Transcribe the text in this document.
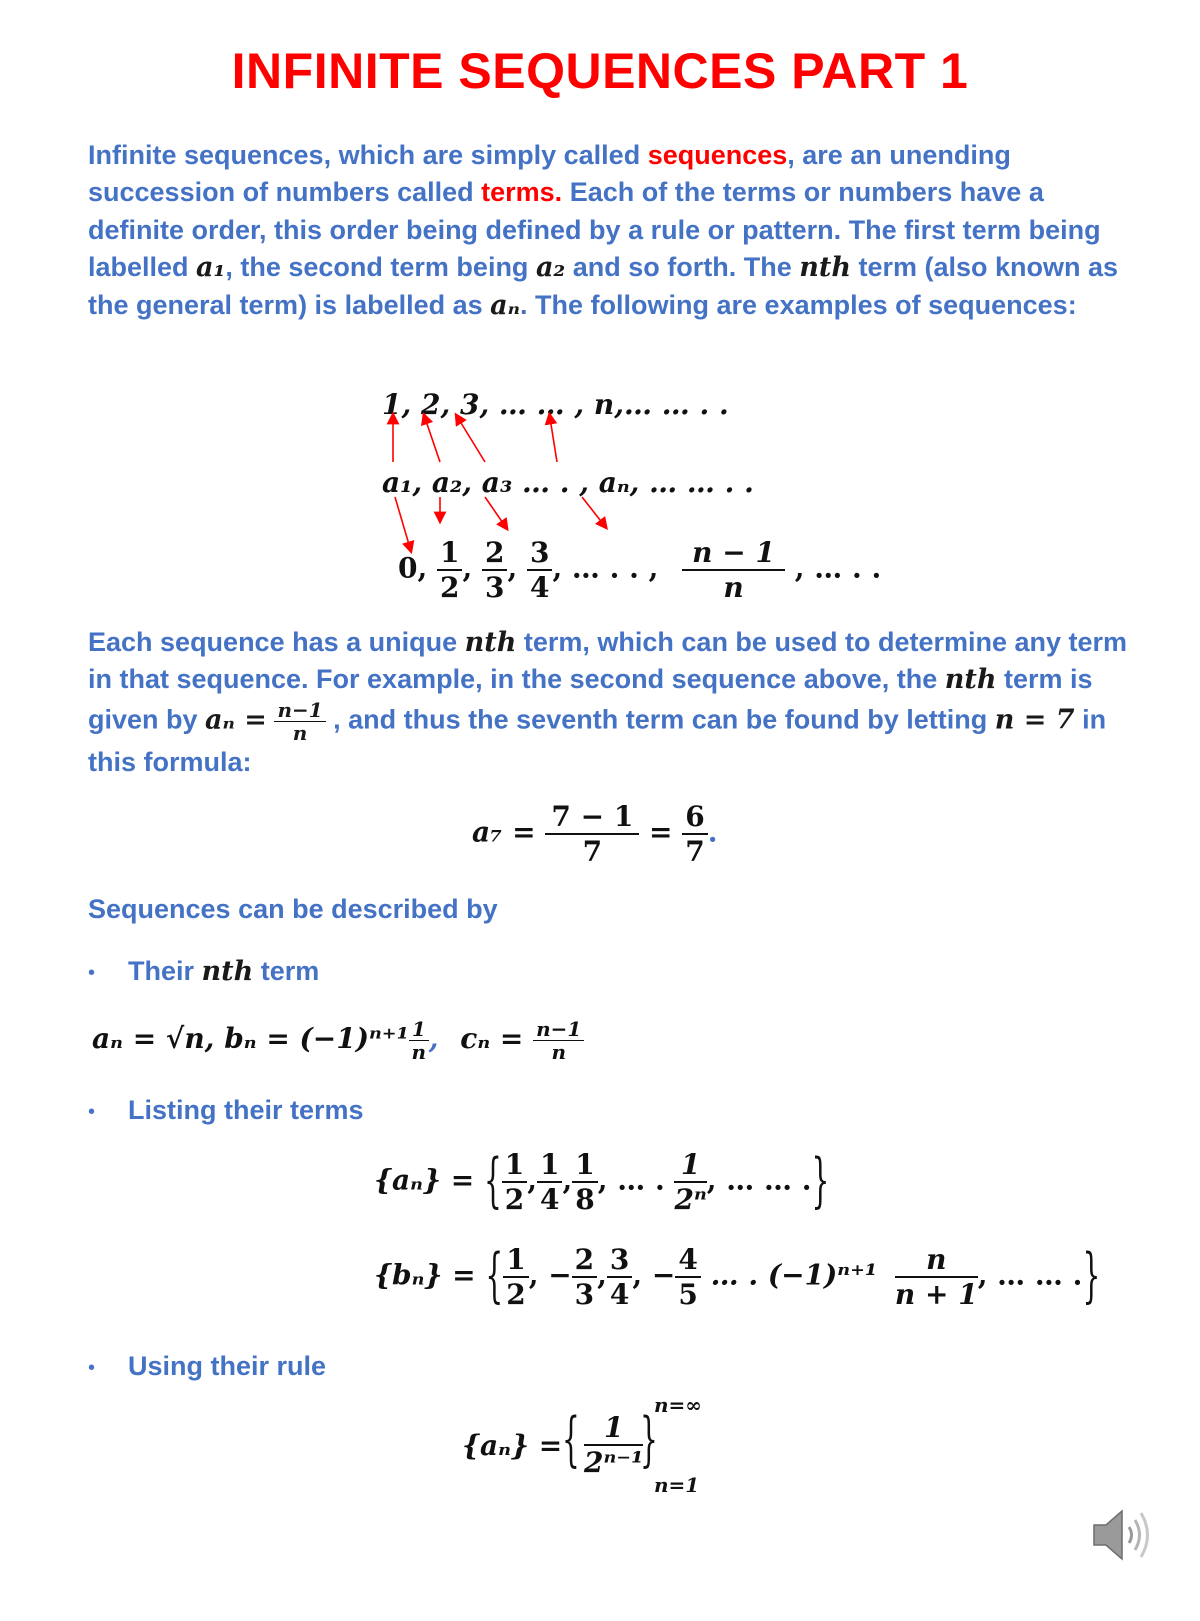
INFINITE SEQUENCES PART 1
Infinite sequences, which are simply called sequences, are an unending succession of numbers called terms. Each of the terms or numbers have a definite order, this order being defined by a rule or pattern. The first term being labelled a₁, the second term being a₂ and so forth. The nth term (also known as the general term) is labelled as aₙ. The following are examples of sequences:
1, 2, 3, … … , n,… … . .
a₁, a₂, a₃ … . , aₙ, … … . .
0, $\frac{1}{2}$ , $\frac{2}{3}$ , $\frac{3}{4}$ , … . . , $\frac{n - 1}{n}$ , … . .
Each sequence has a unique nth term, which can be used to determine any term in that sequence. For example, in the second sequence above, the nth term is given by $a_n = \frac{n-1}{n}$ , and thus the seventh term can be found by letting n = 7 in this formula:
$a_7 = \frac{7 - 1}{7} = \frac{6}{7}$ .
Sequences can be described by
• Their nth term
aₙ = √n, $b_n = (-1)^{n+1} \frac{1}{n}$ , $c_n = \frac{n-1}{n}$
• Listing their terms
{aₙ} = { $\frac{1}{2}$ , $\frac{1}{4}$ , $\frac{1}{8}$ , … . $\frac{1}{\text{2ⁿ}}$ , … … .}
{bₙ} = { $\frac{1}{2}$ , − $\frac{2}{3}$ , $\frac{3}{4}$ , − $\frac{4}{5}$ … . $(-1)^{n+1} \frac{n}{n + 1}$ , … … .}
• Using their rule
{aₙ} = { $\frac{1}{\text{2ⁿ⁻¹}}$
}
n=∞
n=1
